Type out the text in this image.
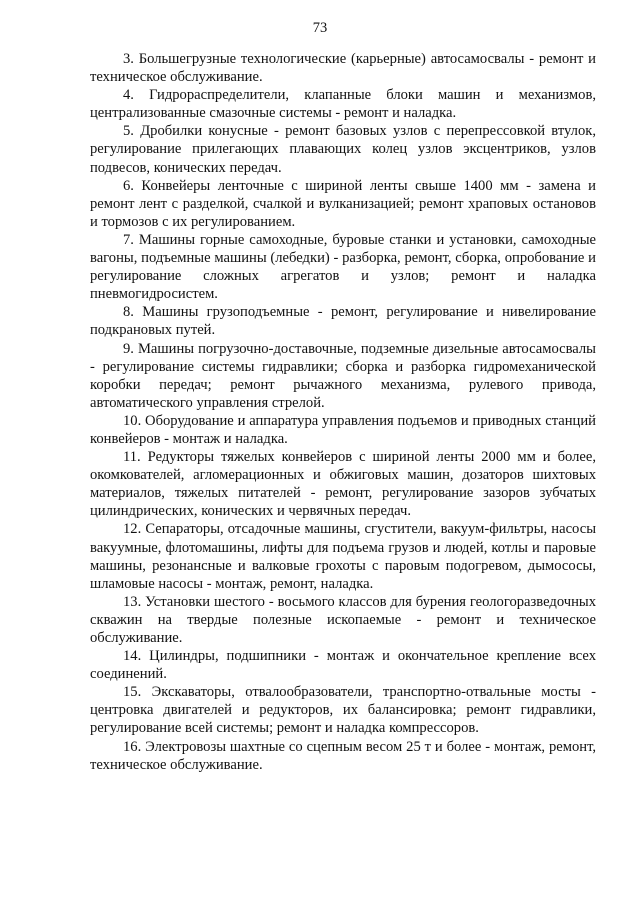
73

3. Большегрузные технологические (карьерные) автосамосвалы - ремонт и техническое обслуживание.

4. Гидрораспределители, клапанные блоки машин и механизмов, централизованные смазочные системы - ремонт и наладка.

5. Дробилки конусные - ремонт базовых узлов с перепрессовкой втулок, регулирование прилегающих плавающих колец узлов эксцентриков, узлов подвесов, конических передач.

6. Конвейеры ленточные с шириной ленты свыше 1400 мм - замена и ремонт лент с разделкой, счалкой и вулканизацией; ремонт храповых остановов и тормозов с их регулированием.

7. Машины горные самоходные, буровые станки и установки, самоходные вагоны, подъемные машины (лебедки) - разборка, ремонт, сборка, опробование и регулирование сложных агрегатов и узлов; ремонт и наладка пневмогидросистем.

8. Машины грузоподъемные - ремонт, регулирование и нивелирование подкрановых путей.

9. Машины погрузочно-доставочные, подземные дизельные автосамосвалы - регулирование системы гидравлики; сборка и разборка гидромеханической коробки передач; ремонт рычажного механизма, рулевого привода, автоматического управления стрелой.

10. Оборудование и аппаратура управления подъемов и приводных станций конвейеров - монтаж и наладка.

11. Редукторы тяжелых конвейеров с шириной ленты 2000 мм и более, окомкователей, агломерационных и обжиговых машин, дозаторов шихтовых материалов, тяжелых питателей - ремонт, регулирование зазоров зубчатых цилиндрических, конических и червячных передач.

12. Сепараторы, отсадочные машины, сгустители, вакуум-фильтры, насосы вакуумные, флотомашины, лифты для подъема грузов и людей, котлы и паровые машины, резонансные и валковые грохоты с паровым подогревом, дымососы, шламовые насосы - монтаж, ремонт, наладка.

13. Установки шестого - восьмого классов для бурения геологоразведочных скважин на твердые полезные ископаемые - ремонт и техническое обслуживание.

14. Цилиндры, подшипники - монтаж и окончательное крепление всех соединений.

15. Экскаваторы, отвалообразователи, транспортно-отвальные мосты - центровка двигателей и редукторов, их балансировка; ремонт гидравлики, регулирование всей системы; ремонт и наладка компрессоров.

16. Электровозы шахтные со сцепным весом 25 т и более - монтаж, ремонт, техническое обслуживание.
